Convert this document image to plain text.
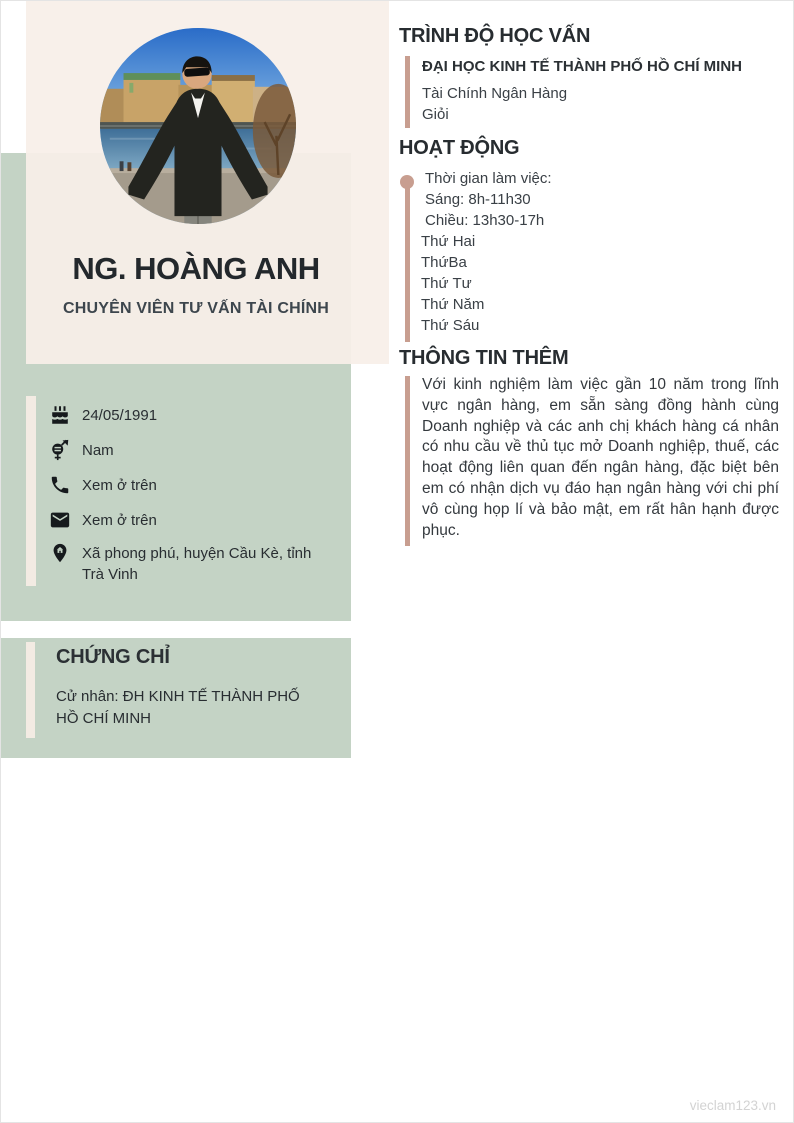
NG. HOÀNG ANH
CHUYÊN VIÊN TƯ VẤN TÀI CHÍNH
24/05/1991
Nam
Xem ở trên
Xem ở trên
Xã phong phú, huyện Cầu Kè, tỉnh Trà Vinh
CHỨNG CHỈ
Cử nhân: ĐH KINH TẾ THÀNH PHỐ HỒ CHÍ MINH
TRÌNH ĐỘ HỌC VẤN
ĐẠI HỌC KINH TẾ THÀNH PHỐ HỒ CHÍ MINH
Tài Chính Ngân Hàng
Giỏi
HOẠT ĐỘNG
Thời gian làm việc:
Sáng: 8h-11h30
Chiều: 13h30-17h
Thứ Hai
ThứBa
Thứ Tư
Thứ Năm
Thứ Sáu
THÔNG TIN THÊM
Với kinh nghiệm làm việc gần 10 năm trong lĩnh vực ngân hàng, em sẵn sàng đồng hành cùng Doanh nghiệp và các anh chị khách hàng cá nhân có nhu cầu về thủ tục mở Doanh nghiệp, thuế, các hoạt động liên quan đến ngân hàng, đặc biệt bên em có nhận dịch vụ đáo hạn ngân hàng với chi phí vô cùng họp lí và bảo mật, em rất hân hạnh được phục.
vieclam123.vn
